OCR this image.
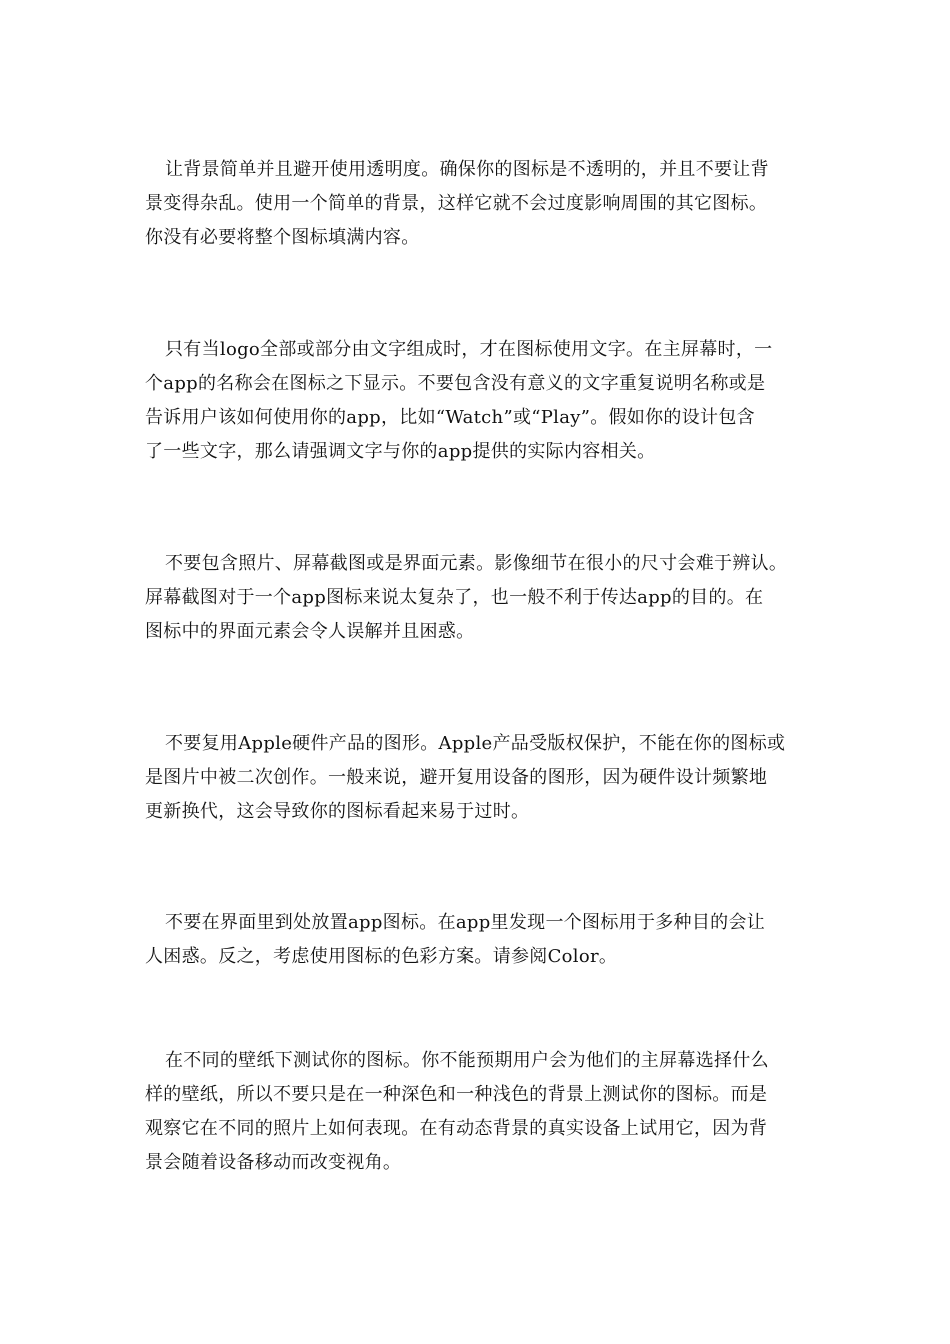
让背景简单并且避开使用透明度。确保你的图标是不透明的，并且不要让背
景变得杂乱。使用一个简单的背景，这样它就不会过度影响周围的其它图标。
你没有必要将整个图标填满内容。

只有当logo全部或部分由文字组成时，才在图标使用文字。在主屏幕时，一
个app的名称会在图标之下显示。不要包含没有意义的文字重复说明名称或是
告诉用户该如何使用你的app，比如“Watch”或“Play”。假如你的设计包含
了一些文字，那么请强调文字与你的app提供的实际内容相关。

不要包含照片、屏幕截图或是界面元素。影像细节在很小的尺寸会难于辨认。
屏幕截图对于一个app图标来说太复杂了，也一般不利于传达app的目的。在
图标中的界面元素会令人误解并且困惑。

不要复用Apple硬件产品的图形。Apple产品受版权保护，不能在你的图标或
是图片中被二次创作。一般来说，避开复用设备的图形，因为硬件设计频繁地
更新换代，这会导致你的图标看起来易于过时。

不要在界面里到处放置app图标。在app里发现一个图标用于多种目的会让
人困惑。反之，考虑使用图标的色彩方案。请参阅Color。

在不同的壁纸下测试你的图标。你不能预期用户会为他们的主屏幕选择什么
样的壁纸，所以不要只是在一种深色和一种浅色的背景上测试你的图标。而是
观察它在不同的照片上如何表现。在有动态背景的真实设备上试用它，因为背
景会随着设备移动而改变视角。
